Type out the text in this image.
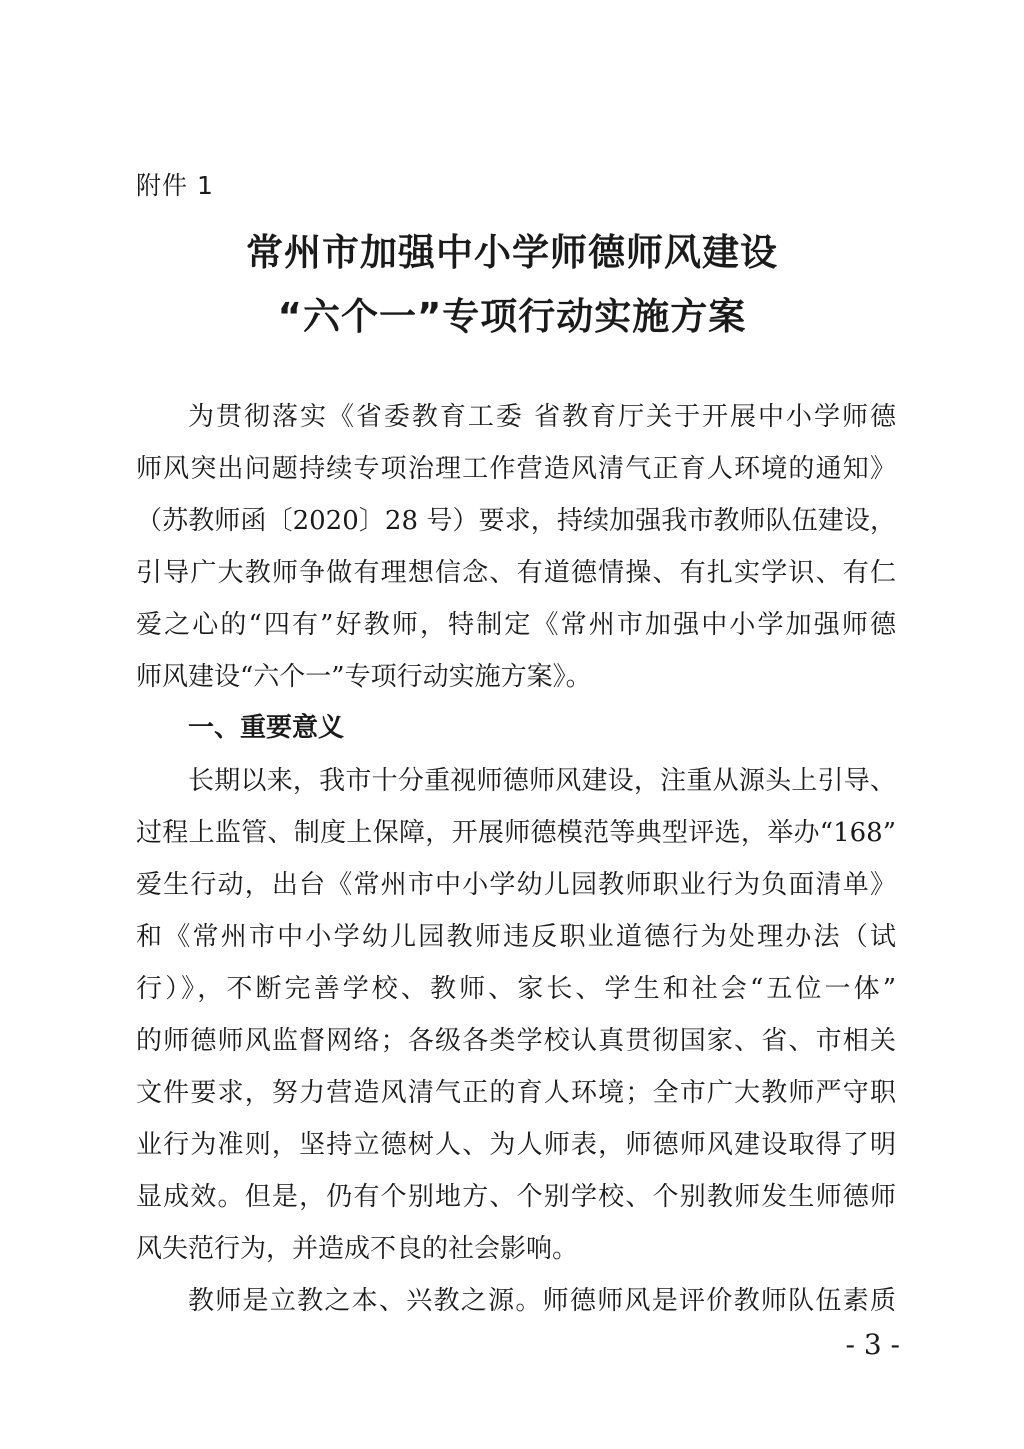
附件 1
常州市加强中小学师德师风建设
“六个一”专项行动实施方案
为贯彻落实《省委教育工委 省教育厅关于开展中小学师德
师风突出问题持续专项治理工作营造风清气正育人环境的通知》
（苏教师函〔2020〕28 号）要求，持续加强我市教师队伍建设，
引导广大教师争做有理想信念、有道德情操、有扎实学识、有仁
爱之心的“四有”好教师，特制定《常州市加强中小学加强师德
师风建设“六个一”专项行动实施方案》。
一、重要意义
长期以来，我市十分重视师德师风建设，注重从源头上引导、
过程上监管、制度上保障，开展师德模范等典型评选，举办“168”
爱生行动，出台《常州市中小学幼儿园教师职业行为负面清单》
和《常州市中小学幼儿园教师违反职业道德行为处理办法（试
行）》，不断完善学校、教师、家长、学生和社会“五位一体”
的师德师风监督网络；各级各类学校认真贯彻国家、省、市相关
文件要求，努力营造风清气正的育人环境；全市广大教师严守职
业行为准则，坚持立德树人、为人师表，师德师风建设取得了明
显成效。但是，仍有个别地方、个别学校、个别教师发生师德师
风失范行为，并造成不良的社会影响。
教师是立教之本、兴教之源。师德师风是评价教师队伍素质
- 3 -
